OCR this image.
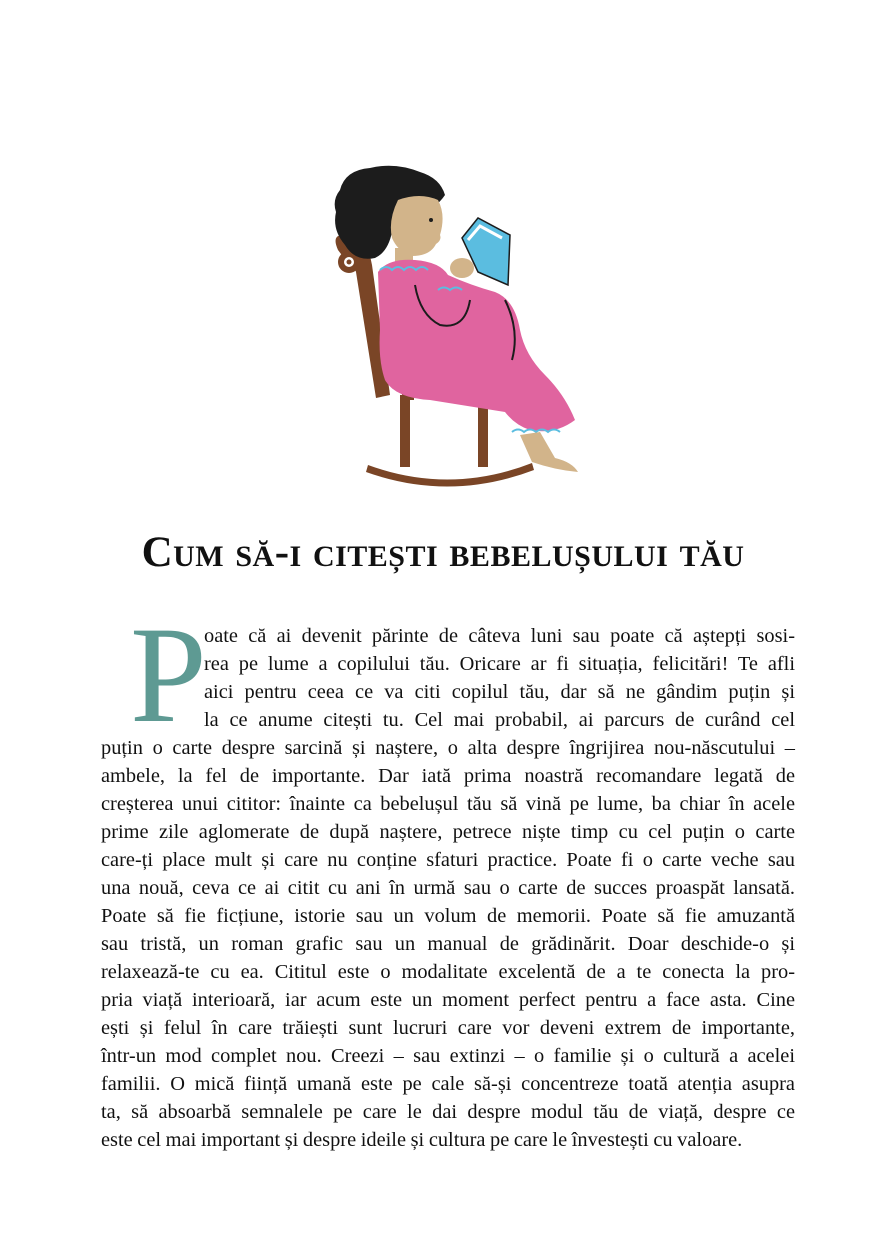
Cum să-i citești bebelușului tău
P
oate că ai devenit părinte de câteva luni sau poate că aștepți sosi-
rea pe lume a copilului tău. Oricare ar fi situația, felicitări! Te afli
aici pentru ceea ce va citi copilul tău, dar să ne gândim puțin și
la ce anume citești tu. Cel mai probabil, ai parcurs de curând cel
puțin o carte despre sarcină și naștere, o alta despre îngrijirea nou-născutului –
ambele, la fel de importante. Dar iată prima noastră recomandare legată de
creșterea unui cititor: înainte ca bebelușul tău să vină pe lume, ba chiar în acele
prime zile aglomerate de după naștere, petrece niște timp cu cel puțin o carte
care-ți place mult și care nu conține sfaturi practice. Poate fi o carte veche sau
una nouă, ceva ce ai citit cu ani în urmă sau o carte de succes proaspăt lansată.
Poate să fie ficțiune, istorie sau un volum de memorii. Poate să fie amuzantă
sau tristă, un roman grafic sau un manual de grădinărit. Doar deschide-o și
relaxează-te cu ea. Cititul este o modalitate excelentă de a te conecta la pro-
pria viață interioară, iar acum este un moment perfect pentru a face asta. Cine
ești și felul în care trăiești sunt lucruri care vor deveni extrem de importante,
într-un mod complet nou. Creezi – sau extinzi – o familie și o cultură a acelei
familii. O mică ființă umană este pe cale să-și concentreze toată atenția asupra
ta, să absoarbă semnalele pe care le dai despre modul tău de viață, despre ce
este cel mai important și despre ideile și cultura pe care le învestești cu valoare.
